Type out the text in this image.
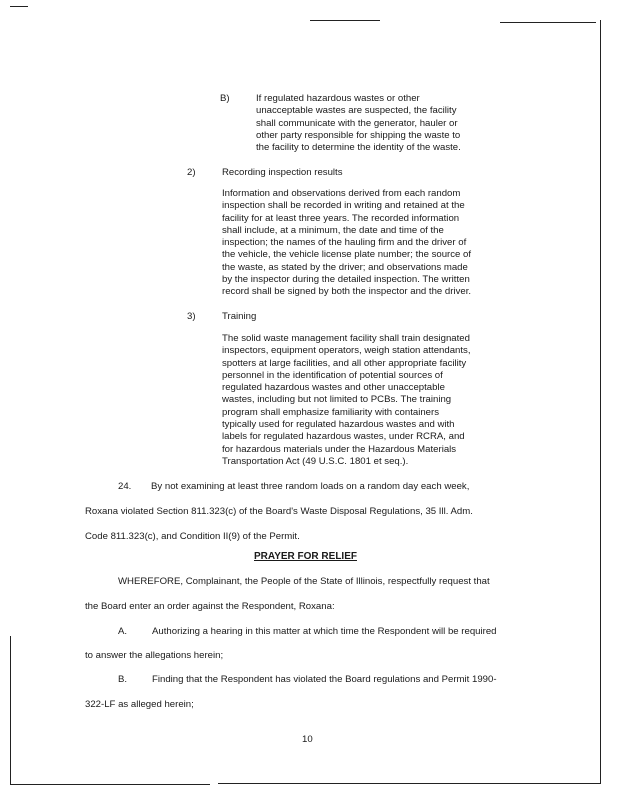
B)	If regulated hazardous wastes or other
unacceptable wastes are suspected, the facility
shall communicate with the generator, hauler or
other party responsible for shipping the waste to
the facility to determine the identity of the waste.
2)	Recording inspection results
Information and observations derived from each random
inspection shall be recorded in writing and retained at the
facility for at least three years. The recorded information
shall include, at a minimum, the date and time of the
inspection; the names of the hauling firm and the driver of
the vehicle, the vehicle license plate number; the source of
the waste, as stated by the driver; and observations made
by the inspector during the detailed inspection. The written
record shall be signed by both the inspector and the driver.
3)	Training
The solid waste management facility shall train designated
inspectors, equipment operators, weigh station attendants,
spotters at large facilities, and all other appropriate facility
personnel in the identification of potential sources of
regulated hazardous wastes and other unacceptable
wastes, including but not limited to PCBs. The training
program shall emphasize familiarity with containers
typically used for regulated hazardous wastes and with
labels for regulated hazardous wastes, under RCRA, and
for hazardous materials under the Hazardous Materials
Transportation Act (49 U.S.C. 1801 et seq.).
24. By not examining at least three random loads on a random day each week,
Roxana violated Section 811.323(c) of the Board's Waste Disposal Regulations, 35 Ill. Adm.
Code 811.323(c), and Condition II(9) of the Permit.
PRAYER FOR RELIEF
WHEREFORE, Complainant, the People of the State of Illinois, respectfully request that
the Board enter an order against the Respondent, Roxana:
A.	Authorizing a hearing in this matter at which time the Respondent will be required
to answer the allegations herein;
B.	Finding that the Respondent has violated the Board regulations and Permit 1990-
322-LF as alleged herein;
10
